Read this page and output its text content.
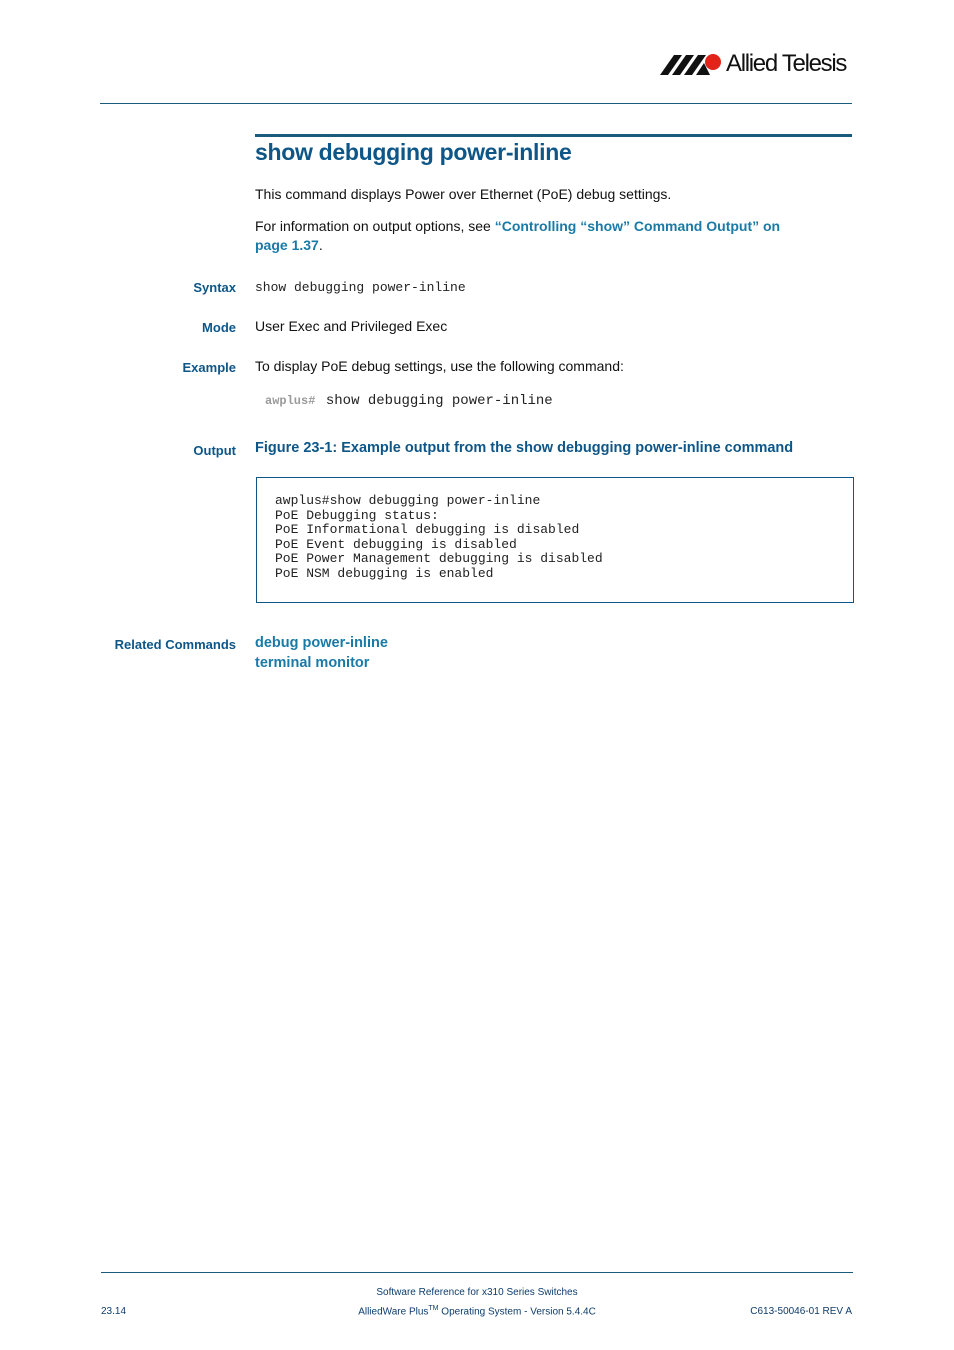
Allied Telesis
show debugging power-inline
This command displays Power over Ethernet (PoE) debug settings.
For information on output options, see “Controlling “show” Command Output” on
page 1.37.
Syntax show debugging power-inline
Mode User Exec and Privileged Exec
Example To display PoE debug settings, use the following command:
awplus# show debugging power-inline
Output Figure 23-1: Example output from the show debugging power-inline command
awplus#show debugging power-inline
PoE Debugging status:
PoE Informational debugging is disabled
PoE Event debugging is disabled
PoE Power Management debugging is disabled
PoE NSM debugging is enabled
Related Commands debug power-inline
terminal monitor
Software Reference for x310 Series Switches
AlliedWare Plus™ Operating System - Version 5.4.4C
23.14	C613-50046-01 REV A
